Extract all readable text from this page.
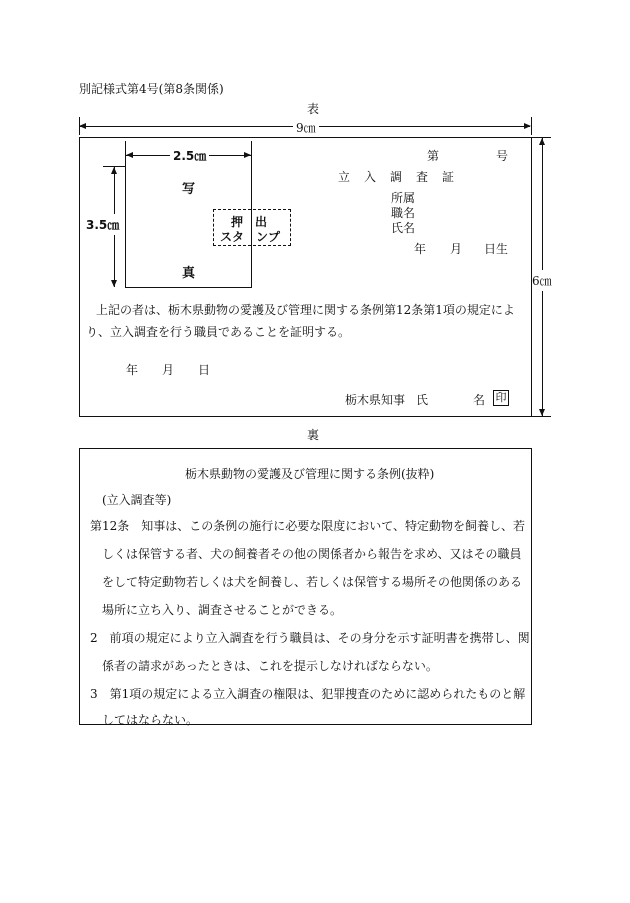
別記様式第4号(第8条関係)
表
9㎝
6㎝
2.5㎝
3.5㎝
写
真
押　出
スタ　ンプ
第	号
立入調査証
所属
職名
氏名
年 月 日生
上記の者は、栃木県動物の愛護及び管理に関する条例第12条第1項の規定によ
り、立入調査を行う職員であることを証明する。
年 月 日
栃木県知事 氏	名 印
裏
栃木県動物の愛護及び管理に関する条例(抜粋)
(立入調査等)
第12条　知事は、この条例の施行に必要な限度において、特定動物を飼養し、若
しくは保管する者、犬の飼養者その他の関係者から報告を求め、又はその職員
をして特定動物若しくは犬を飼養し、若しくは保管する場所その他関係のある
場所に立ち入り、調査させることができる。
2　前項の規定により立入調査を行う職員は、その身分を示す証明書を携帯し、関
係者の請求があったときは、これを提示しなければならない。
3　第1項の規定による立入調査の権限は、犯罪捜査のために認められたものと解
してはならない。
